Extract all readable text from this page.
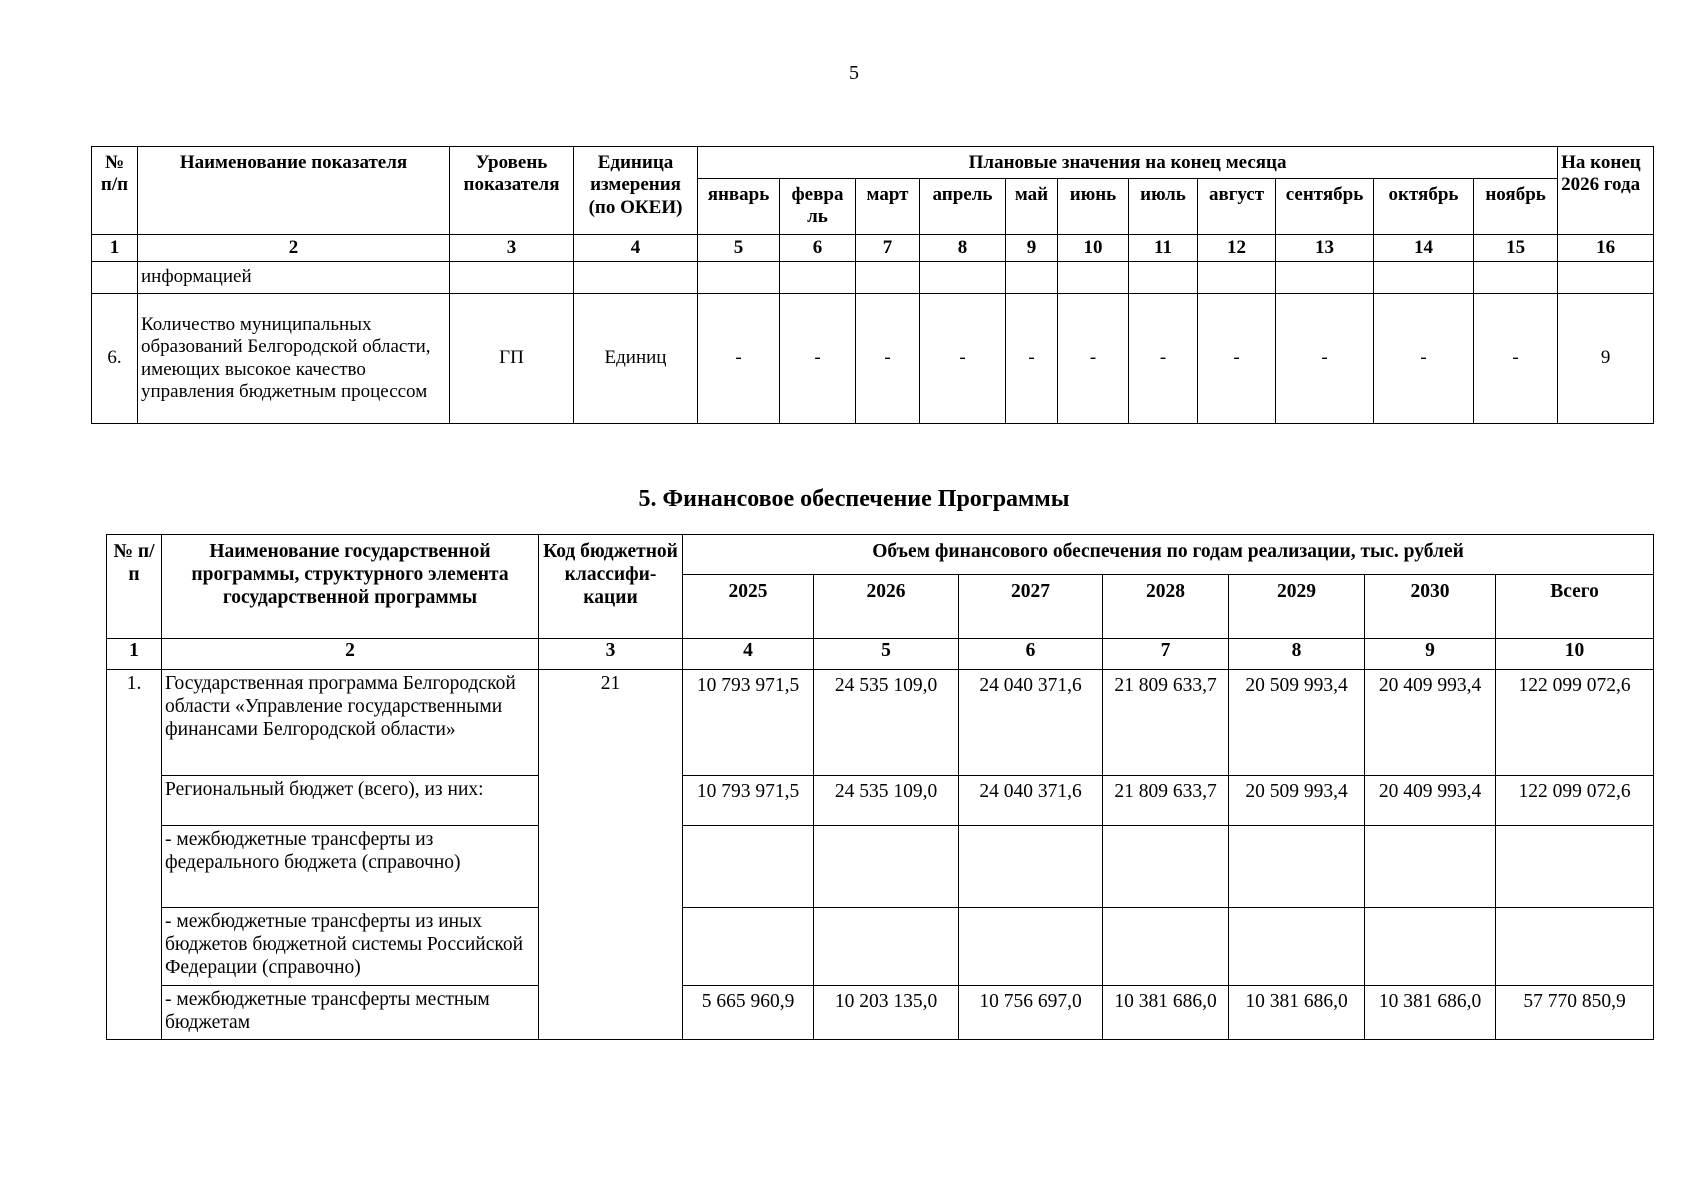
5
№ п/п	Наименование показателя	Уровень показателя	Единица измерения (по ОКЕИ)	Плановые значения на конец месяца											На конец 2026 года
				январь	февра ль	март	апрель	май	июнь	июль	август	сентябрь	октябрь	ноябрь	
1	2	3	4	5	6	7	8	9	10	11	12	13	14	15	16
	информацией														
6.	Количество муниципальных образований Белгородской области, имеющих высокое качество управления бюджетным процессом	ГП	Единиц	-	-	-	-	-	-	-	-	-	-	-	9
5. Финансовое обеспечение Программы
№ п/п	Наименование государственной программы, структурного элемента государственной программы	Код бюджетной классифи-кации	Объем финансового обеспечения по годам реализации, тыс. рублей						
			2025	2026	2027	2028	2029	2030	Всего
1	2	3	4	5	6	7	8	9	10
1.	Государственная программа Белгородской области «Управление государственными финансами Белгородской области»	21	10 793 971,5	24 535 109,0	24 040 371,6	21 809 633,7	20 509 993,4	20 409 993,4	122 099 072,6
	Региональный бюджет (всего), из них:		10 793 971,5	24 535 109,0	24 040 371,6	21 809 633,7	20 509 993,4	20 409 993,4	122 099 072,6
	- межбюджетные трансферты из федерального бюджета (справочно)								
	- межбюджетные трансферты из иных бюджетов бюджетной системы Российской Федерации (справочно)								
	- межбюджетные трансферты местным бюджетам		5 665 960,9	10 203 135,0	10 756 697,0	10 381 686,0	10 381 686,0	10 381 686,0	57 770 850,9
